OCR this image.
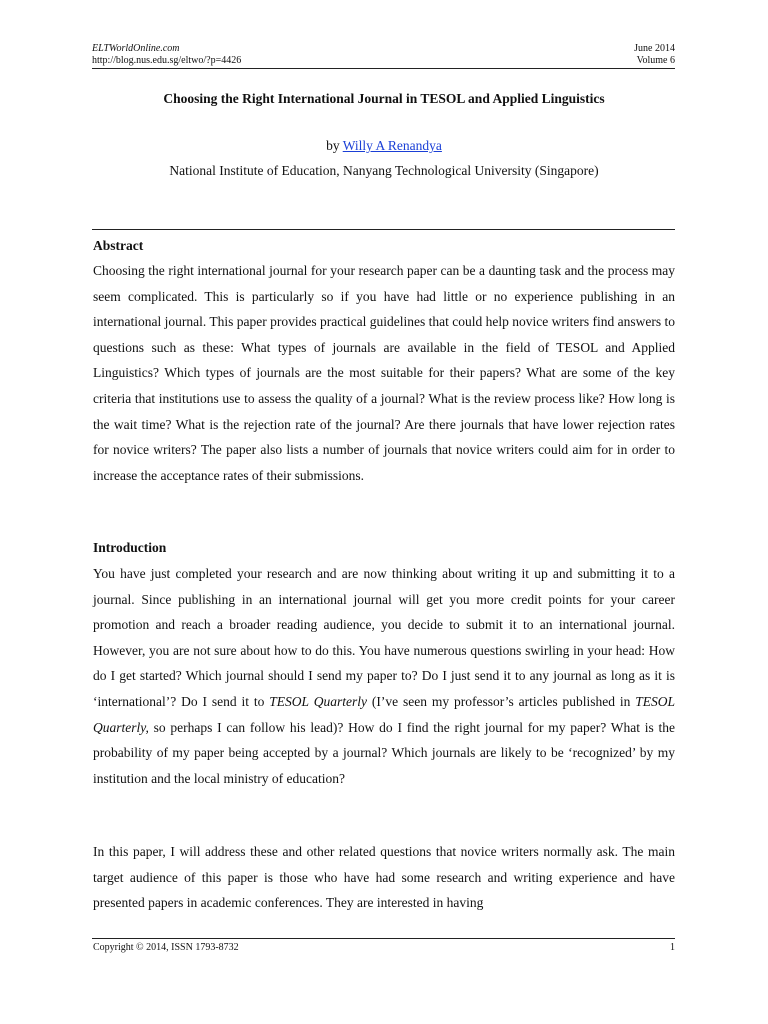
ELTWorldOnline.com
http://blog.nus.edu.sg/eltwo/?p=4426
June 2014
Volume 6
Choosing the Right International Journal in TESOL and Applied Linguistics
by Willy A Renandya
National Institute of Education, Nanyang Technological University (Singapore)
Abstract
Choosing the right international journal for your research paper can be a daunting task and the process may seem complicated. This is particularly so if you have had little or no experience publishing in an international journal. This paper provides practical guidelines that could help novice writers find answers to questions such as these: What types of journals are available in the field of TESOL and Applied Linguistics? Which types of journals are the most suitable for their papers? What are some of the key criteria that institutions use to assess the quality of a journal? What is the review process like? How long is the wait time? What is the rejection rate of the journal? Are there journals that have lower rejection rates for novice writers? The paper also lists a number of journals that novice writers could aim for in order to increase the acceptance rates of their submissions.
Introduction
You have just completed your research and are now thinking about writing it up and submitting it to a journal. Since publishing in an international journal will get you more credit points for your career promotion and reach a broader reading audience, you decide to submit it to an international journal. However, you are not sure about how to do this. You have numerous questions swirling in your head: How do I get started? Which journal should I send my paper to? Do I just send it to any journal as long as it is ‘international’? Do I send it to TESOL Quarterly (I’ve seen my professor’s articles published in TESOL Quarterly, so perhaps I can follow his lead)? How do I find the right journal for my paper? What is the probability of my paper being accepted by a journal? Which journals are likely to be ‘recognized’ by my institution and the local ministry of education?
In this paper, I will address these and other related questions that novice writers normally ask. The main target audience of this paper is those who have had some research and writing experience and have presented papers in academic conferences. They are interested in having
Copyright © 2014, ISSN 1793-8732	1
